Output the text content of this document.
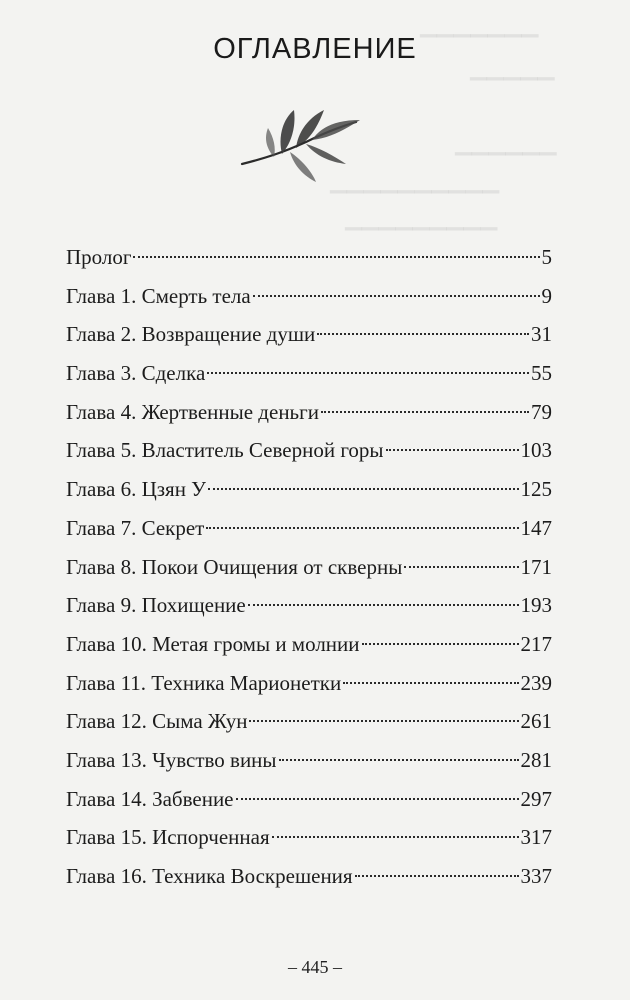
▁▁▁▁▁▁▁
▁▁▁▁▁
▁▁▁▁▁▁
▁▁▁▁▁▁▁▁▁▁
▁▁▁▁▁▁▁▁▁
ОГЛАВЛЕНИЕ
Пролог	5
Глава 1. Смерть тела	9
Глава 2. Возвращение души	31
Глава 3. Сделка	55
Глава 4. Жертвенные деньги	79
Глава 5. Властитель Северной горы	103
Глава 6. Цзян У	125
Глава 7. Секрет	147
Глава 8. Покои Очищения от скверны	171
Глава 9. Похищение	193
Глава 10. Метая громы и молнии	217
Глава 11. Техника Марионетки	239
Глава 12. Сыма Жун	261
Глава 13. Чувство вины	281
Глава 14. Забвение	297
Глава 15. Испорченная	317
Глава 16. Техника Воскрешения	337
– 445 –
